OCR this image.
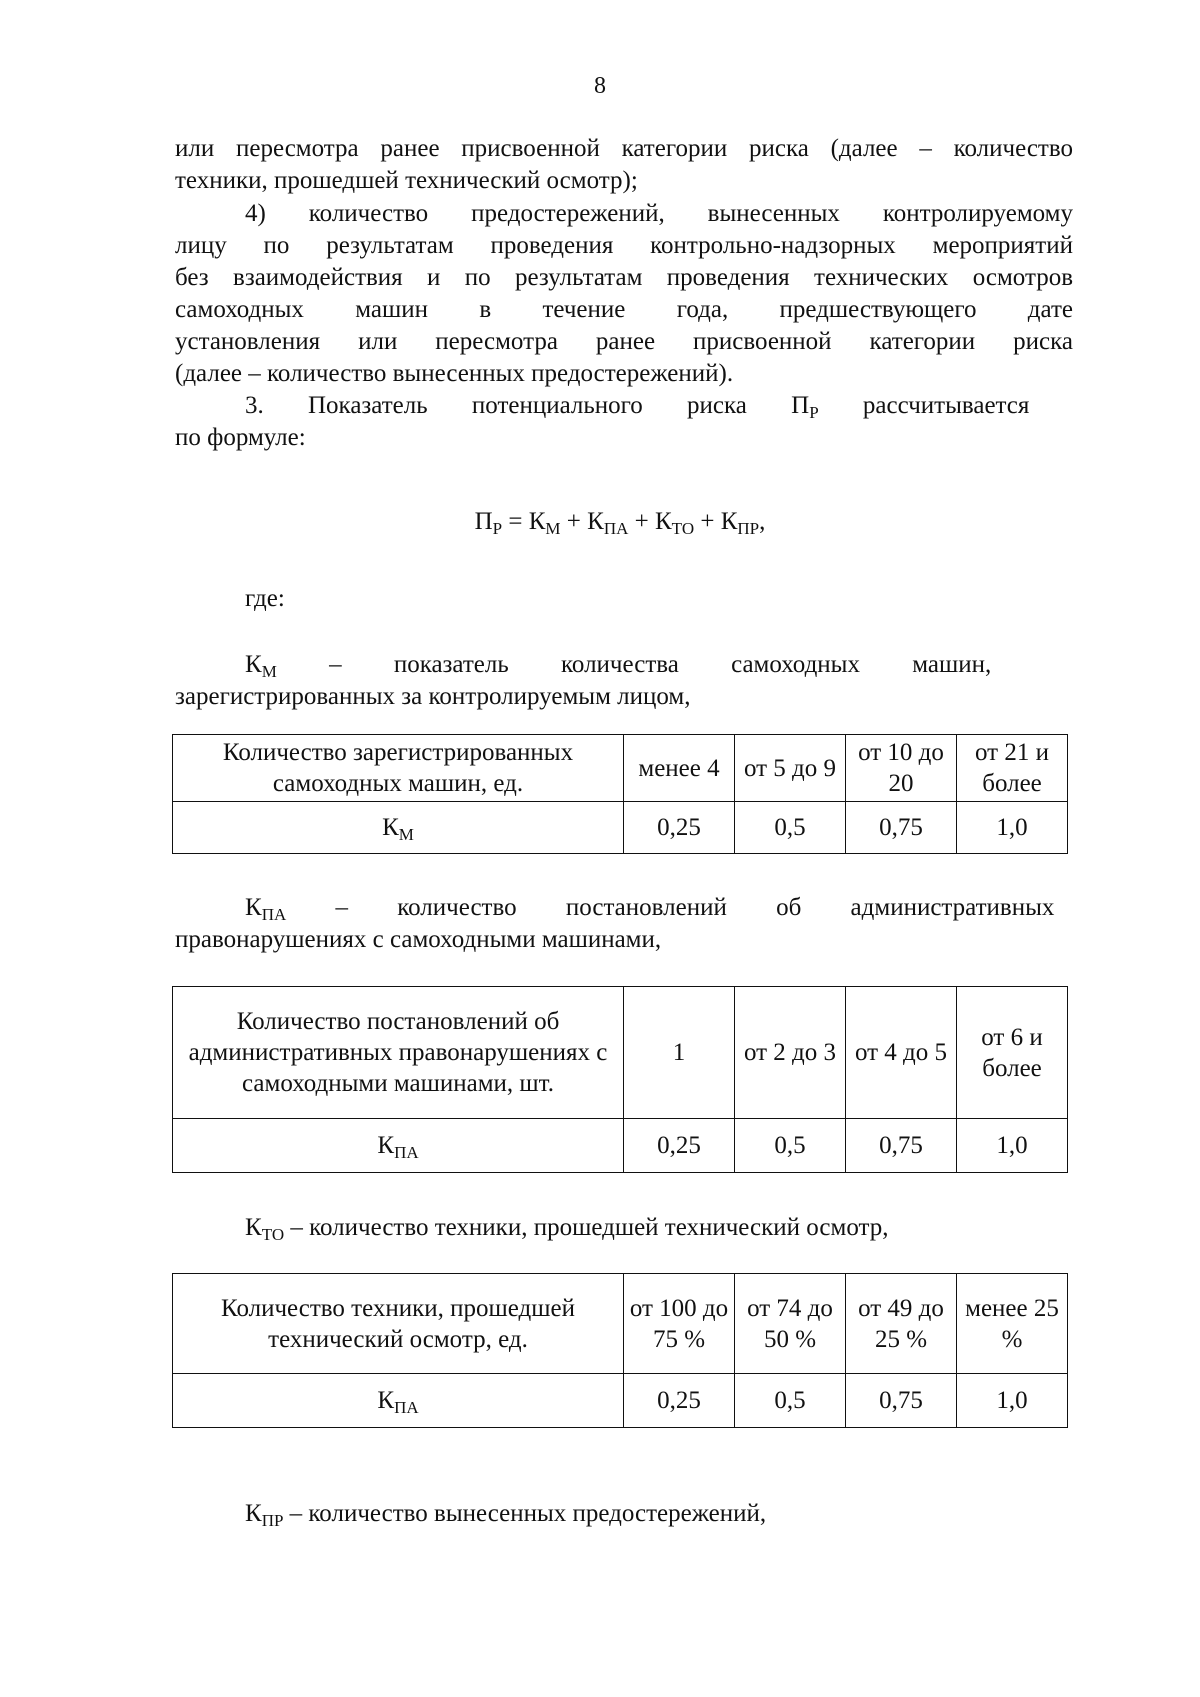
8
или пересмотра ранее присвоенной категории риска (далее – количество
техники, прошедшей технический осмотр);
4) количество предостережений, вынесенных контролируемому
лицу по результатам проведения контрольно-надзорных мероприятий
без взаимодействия и по результатам проведения технических осмотров
самоходных машин в течение года, предшествующего дате
установления или пересмотра ранее присвоенной категории риска
(далее – количество вынесенных предостережений).
3. Показатель потенциального риска $П_Р$ рассчитывается
по формуле:
$П_Р = К_М + К_{ПА} + К_{ТО} + К_{ПР}$,
где:
$К_М$ – показатель количества самоходных машин,
зарегистрированных за контролируемым лицом,
Количество зарегистрированных самоходных машин, ед.	менее 4	от 5 до 9	от 10 до 20	от 21 и более
$К_М$	0,25	0,5	0,75	1,0
$К_{ПА}$ – количество постановлений об административных
правонарушениях с самоходными машинами,
Количество постановлений об административных правонарушениях с самоходными машинами, шт.	1	от 2 до 3	от 4 до 5	от 6 и более
$К_{ПА}$	0,25	0,5	0,75	1,0
$К_{ТО}$ – количество техники, прошедшей технический осмотр,
Количество техники, прошедшей технический осмотр, ед.	от 100 до 75 %	от 74 до 50 %	от 49 до 25 %	менее 25 %
$К_{ПА}$	0,25	0,5	0,75	1,0
$К_{ПР}$ – количество вынесенных предостережений,
